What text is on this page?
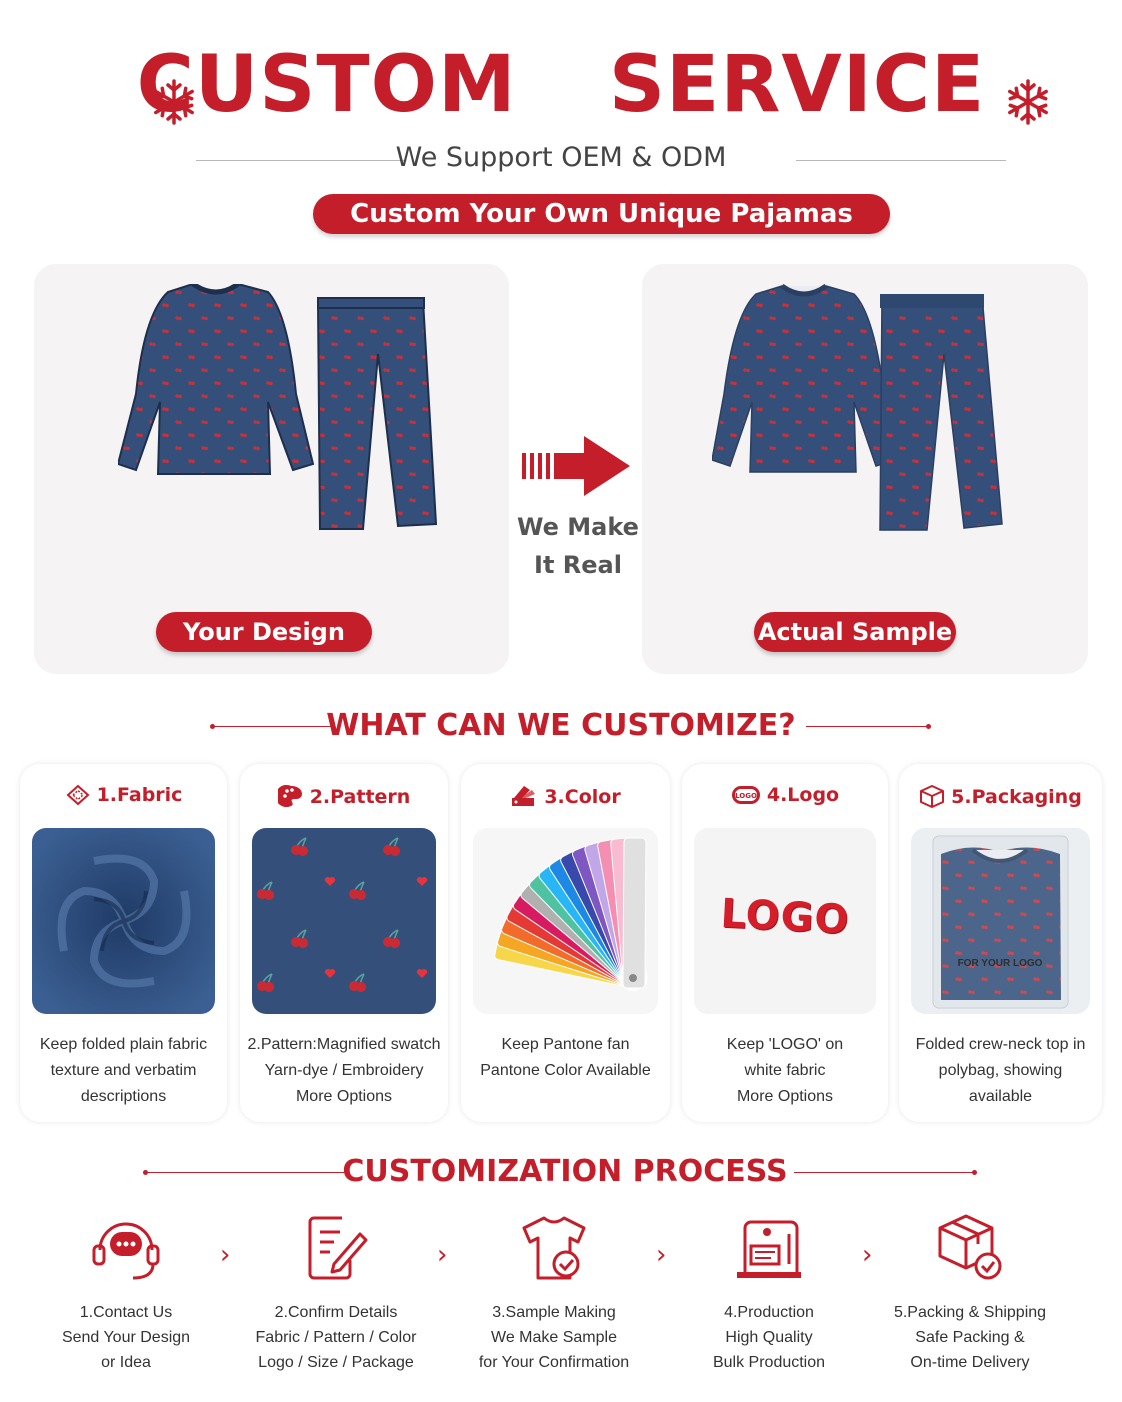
CUSTOM  SERVICE
We Support OEM & ODM
Custom Your Own Unique Pajamas
Your Design
We Make
It Real
Actual Sample
WHAT CAN WE CUSTOMIZE?
1.Fabric
Keep folded plain fabric
texture and verbatim
descriptions
2.Pattern
2.Pattern:Magnified swatch
Yarn-dye / Embroidery
More Options
3.Color
Keep Pantone fan
Pantone Color Available
LOGO 4.Logo
LOGO
Keep 'LOGO' on
white fabric
More Options
5.Packaging
FOR YOUR LOGO
Folded crew-neck top in
polybag, showing
available
CUSTOMIZATION PROCESS
1.Contact Us
Send Your Design
or Idea
›
2.Confirm Details
Fabric / Pattern / Color
Logo / Size / Package
›
3.Sample Making
We Make Sample
for Your Confirmation
›
4.Production
High Quality
Bulk Production
›
5.Packing & Shipping
Safe Packing &
On-time Delivery
